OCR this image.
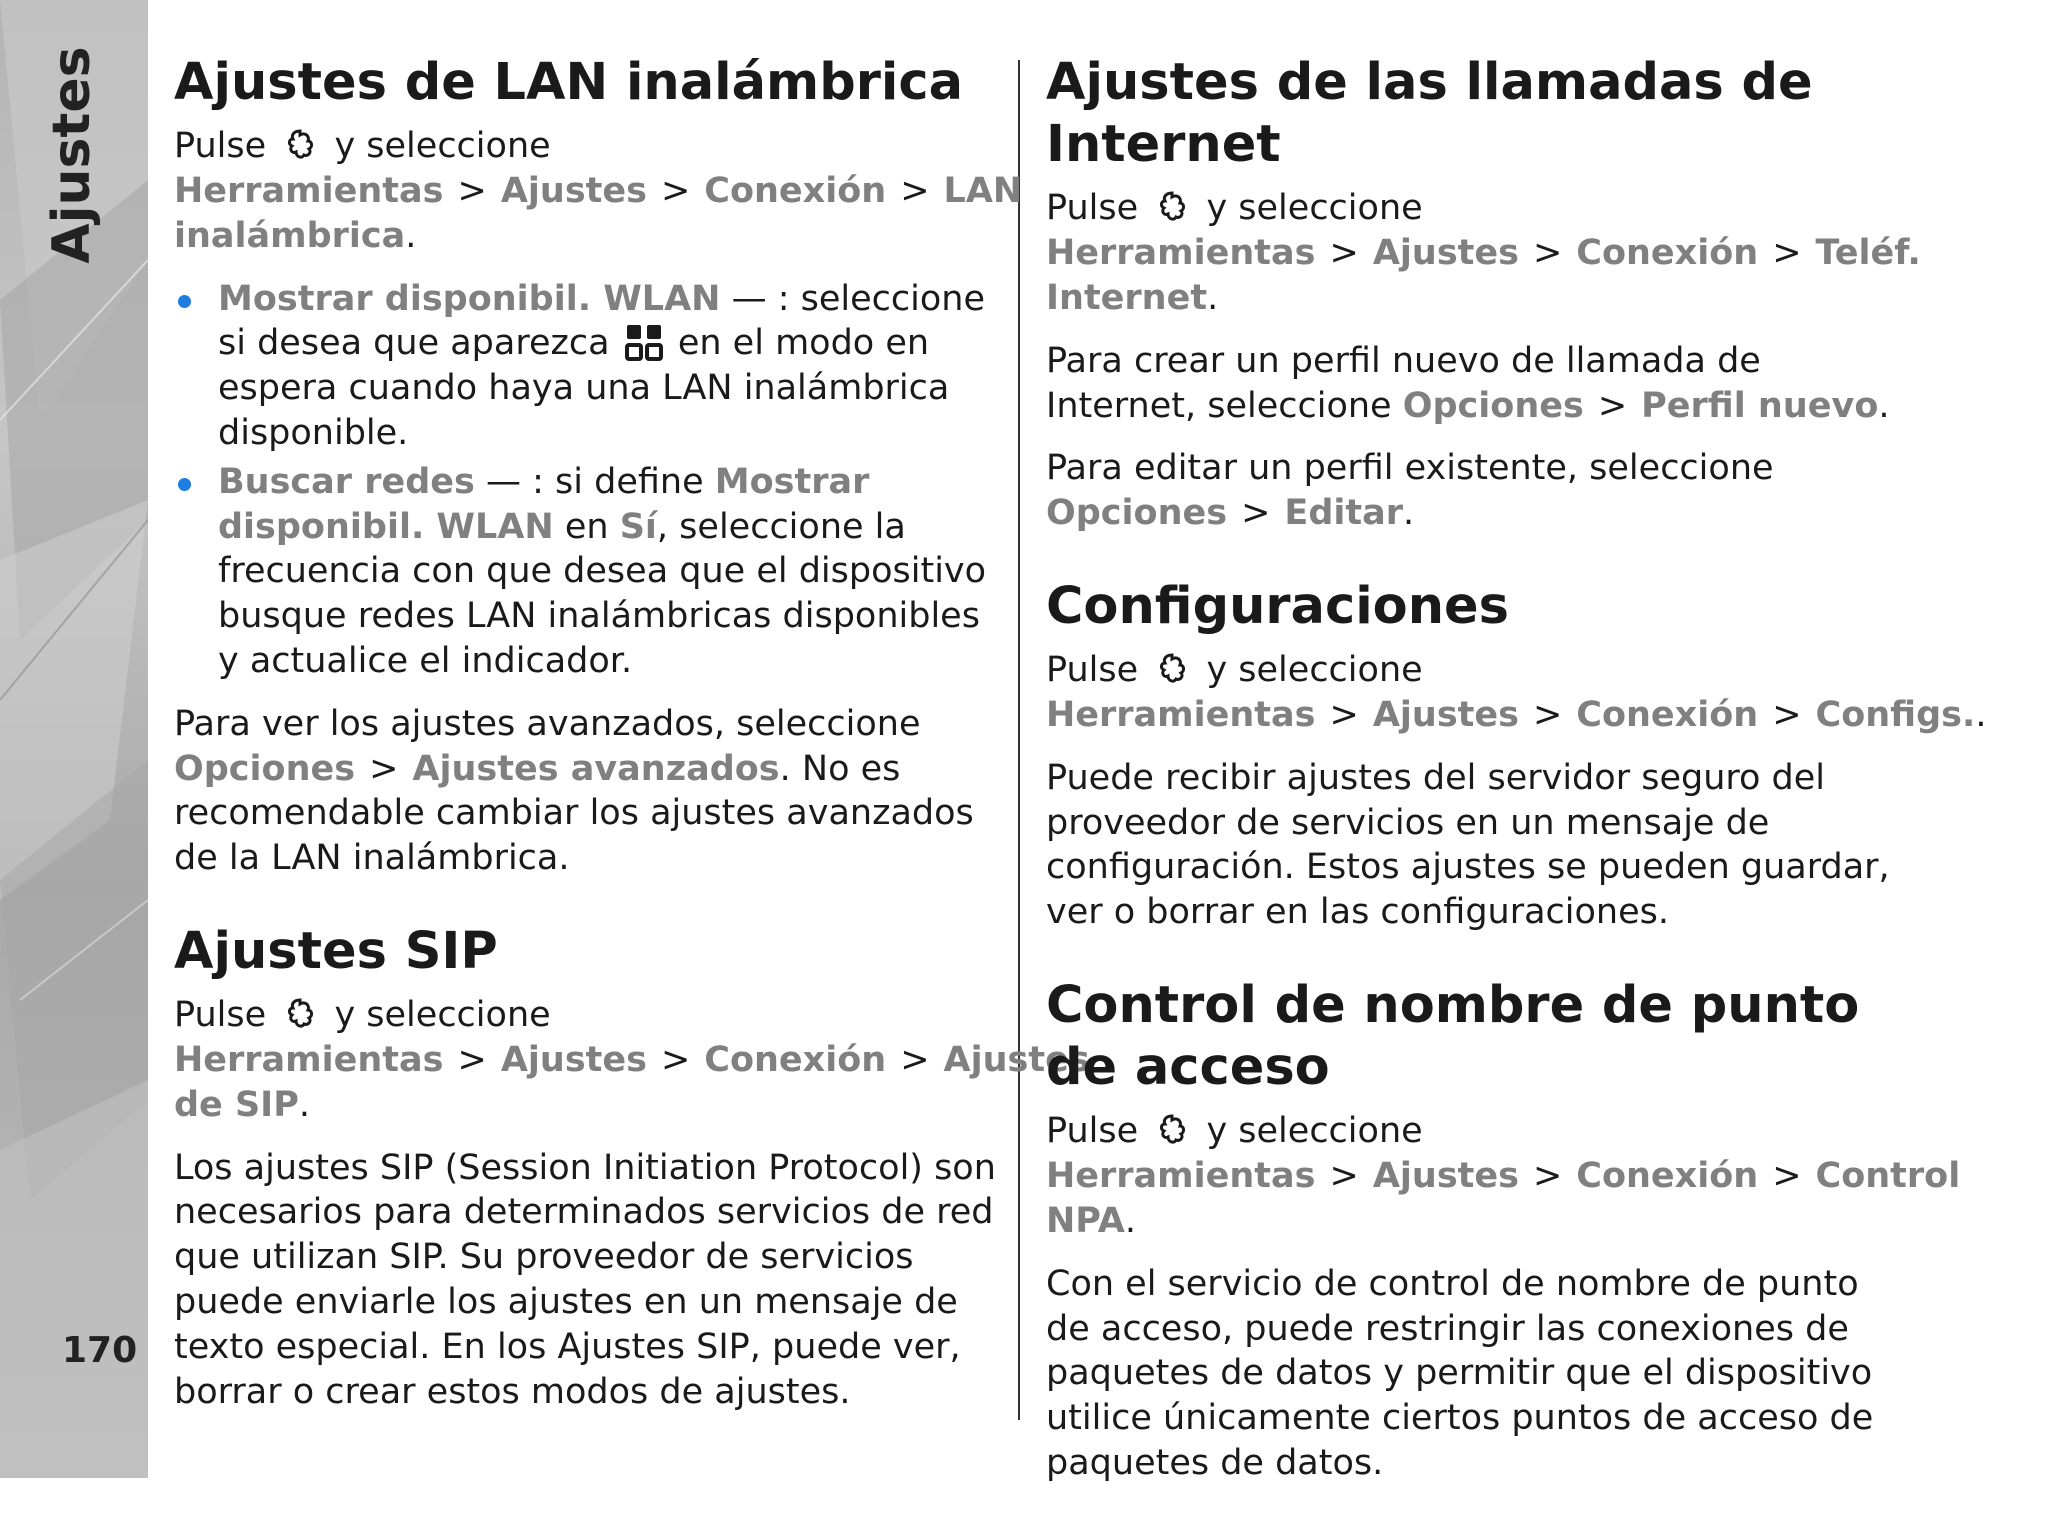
Ajustes
170
Ajustes de LAN inalámbrica

Pulse y seleccione Herramientas > Ajustes > Conexión > LAN inalámbrica.

Mostrar disponibil. WLAN — : seleccione si desea que aparezca en el modo en espera cuando haya una LAN inalámbrica disponible.
Buscar redes — : si define Mostrar disponibil. WLAN en Sí, seleccione la frecuencia con que desea que el dispositivo busque redes LAN inalámbricas disponibles y actualice el indicador.

Para ver los ajustes avanzados, seleccione Opciones > Ajustes avanzados. No es recomendable cambiar los ajustes avanzados de la LAN inalámbrica.

Ajustes SIP

Pulse y seleccione Herramientas > Ajustes > Conexión > Ajustes de SIP.

Los ajustes SIP (Session Initiation Protocol) son necesarios para determinados servicios de red que utilizan SIP. Su proveedor de servicios puede enviarle los ajustes en un mensaje de texto especial. En los Ajustes SIP, puede ver, borrar o crear estos modos de ajustes.

Ajustes de las llamadas de Internet

Pulse y seleccione Herramientas > Ajustes > Conexión > Teléf. Internet.

Para crear un perfil nuevo de llamada de Internet, seleccione Opciones > Perfil nuevo.

Para editar un perfil existente, seleccione Opciones > Editar.

Configuraciones

Pulse y seleccione Herramientas > Ajustes > Conexión > Configs..

Puede recibir ajustes del servidor seguro del proveedor de servicios en un mensaje de configuración. Estos ajustes se pueden guardar, ver o borrar en las configuraciones.

Control de nombre de punto de acceso

Pulse y seleccione Herramientas > Ajustes > Conexión > Control NPA.

Con el servicio de control de nombre de punto de acceso, puede restringir las conexiones de paquetes de datos y permitir que el dispositivo utilice únicamente ciertos puntos de acceso de paquetes de datos.
